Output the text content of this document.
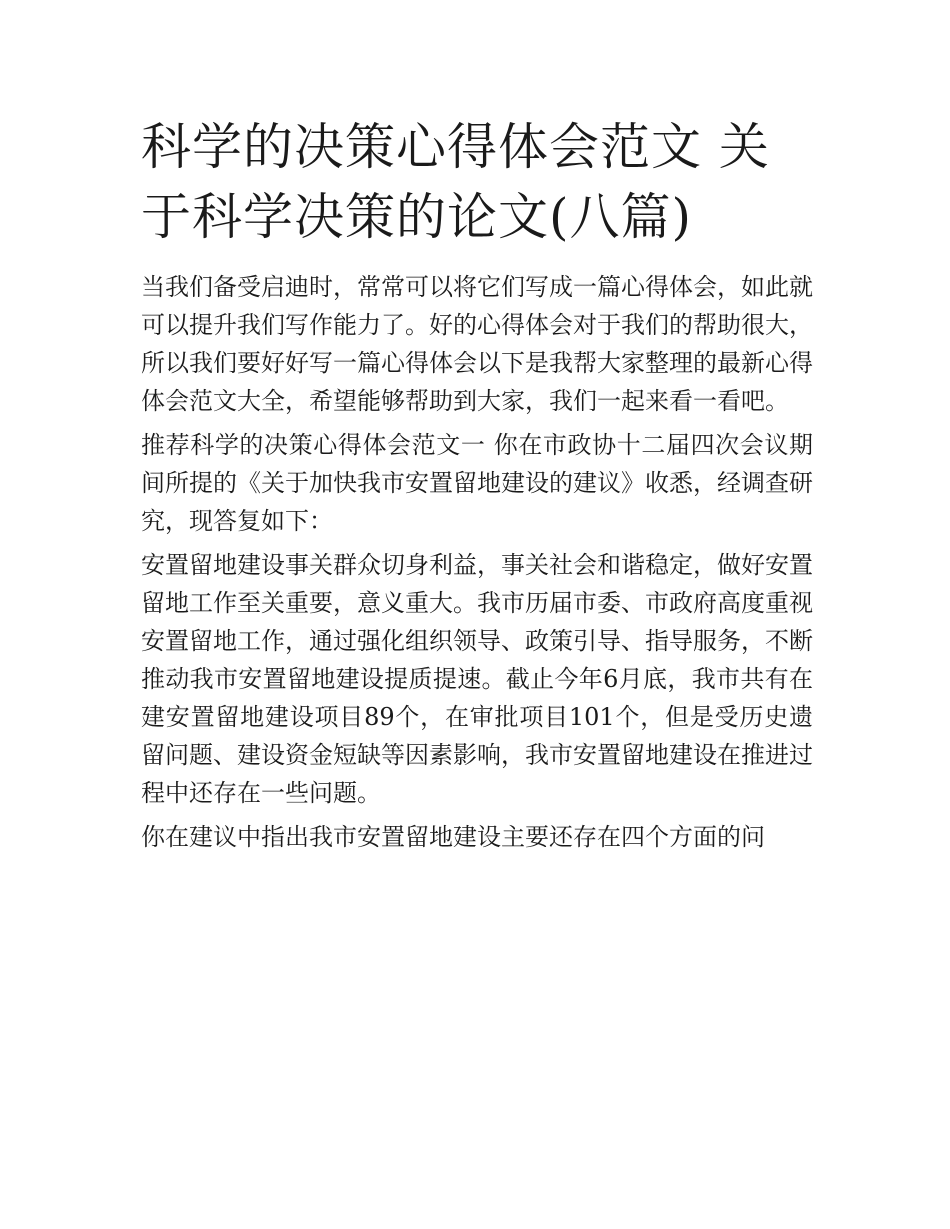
科学的决策心得体会范文 关于科学决策的论文(八篇)

当我们备受启迪时，常常可以将它们写成一篇心得体会，如此就可以提升我们写作能力了。好的心得体会对于我们的帮助很大，所以我们要好好写一篇心得体会以下是我帮大家整理的最新心得体会范文大全，希望能够帮助到大家，我们一起来看一看吧。

推荐科学的决策心得体会范文一 你在市政协十二届四次会议期间所提的《关于加快我市安置留地建设的建议》收悉，经调查研究，现答复如下：

安置留地建设事关群众切身利益，事关社会和谐稳定，做好安置留地工作至关重要，意义重大。我市历届市委、市政府高度重视安置留地工作，通过强化组织领导、政策引导、指导服务，不断推动我市安置留地建设提质提速。截止今年6月底，我市共有在建安置留地建设项目89个，在审批项目101个，但是受历史遗留问题、建设资金短缺等因素影响，我市安置留地建设在推进过程中还存在一些问题。

你在建议中指出我市安置留地建设主要还存在四个方面的问
